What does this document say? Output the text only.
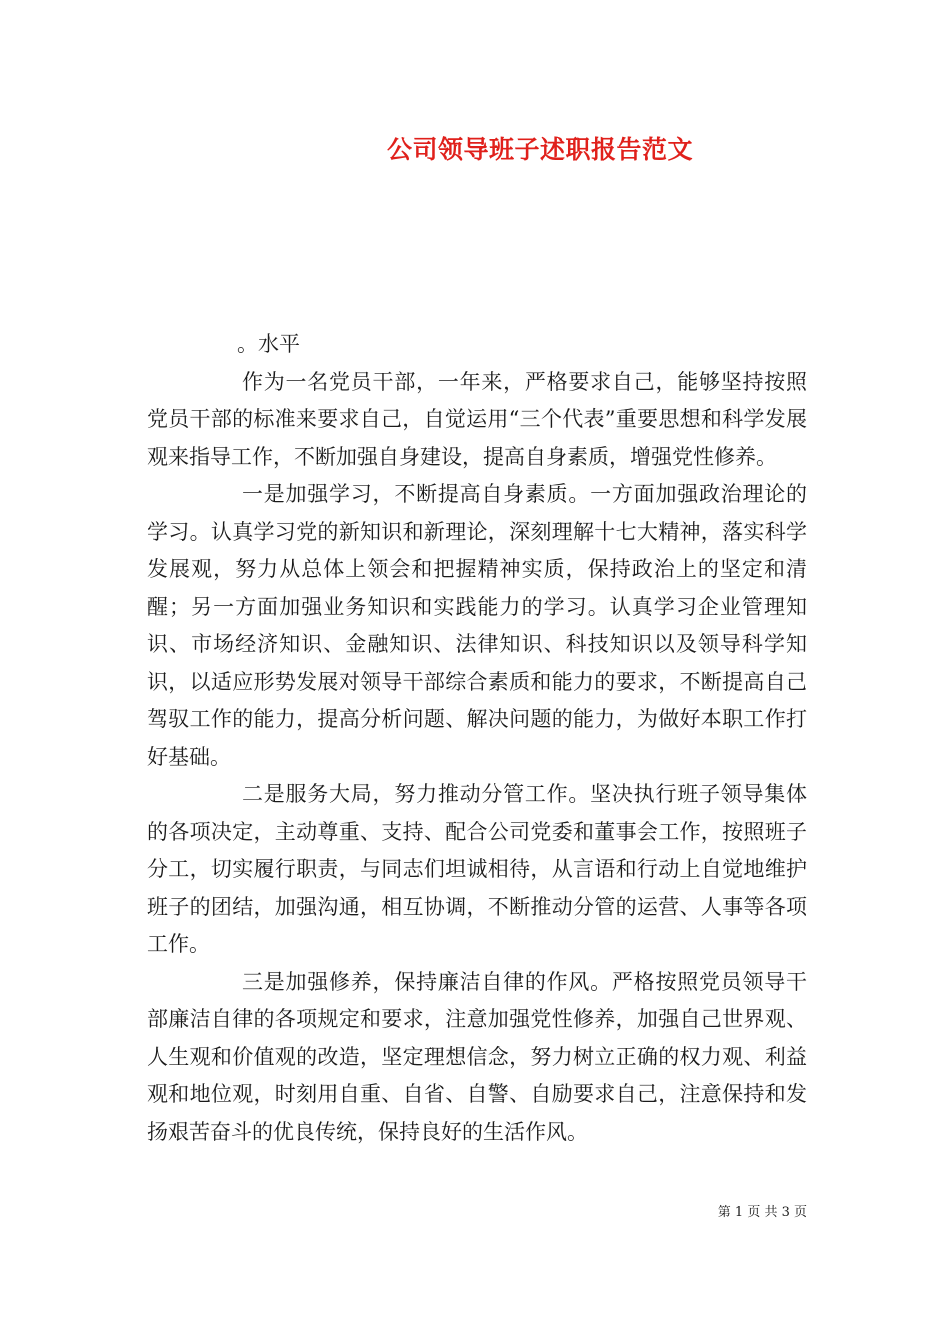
公司领导班子述职报告范文

。水平

作为一名党员干部，一年来，严格要求自己，能够坚持按照党员干部的标准来要求自己，自觉运用“三个代表”重要思想和科学发展观来指导工作，不断加强自身建设，提高自身素质，增强党性修养。

一是加强学习，不断提高自身素质。一方面加强政治理论的学习。认真学习党的新知识和新理论，深刻理解十七大精神，落实科学发展观，努力从总体上领会和把握精神实质，保持政治上的坚定和清醒；另一方面加强业务知识和实践能力的学习。认真学习企业管理知识、市场经济知识、金融知识、法律知识、科技知识以及领导科学知识，以适应形势发展对领导干部综合素质和能力的要求，不断提高自己驾驭工作的能力，提高分析问题、解决问题的能力，为做好本职工作打好基础。

二是服务大局，努力推动分管工作。坚决执行班子领导集体的各项决定，主动尊重、支持、配合公司党委和董事会工作，按照班子分工，切实履行职责，与同志们坦诚相待，从言语和行动上自觉地维护班子的团结，加强沟通，相互协调，不断推动分管的运营、人事等各项工作。

三是加强修养，保持廉洁自律的作风。严格按照党员领导干部廉洁自律的各项规定和要求，注意加强党性修养，加强自己世界观、人生观和价值观的改造，坚定理想信念，努力树立正确的权力观、利益观和地位观，时刻用自重、自省、自警、自励要求自己，注意保持和发扬艰苦奋斗的优良传统，保持良好的生活作风。

第 1 页 共 3 页
